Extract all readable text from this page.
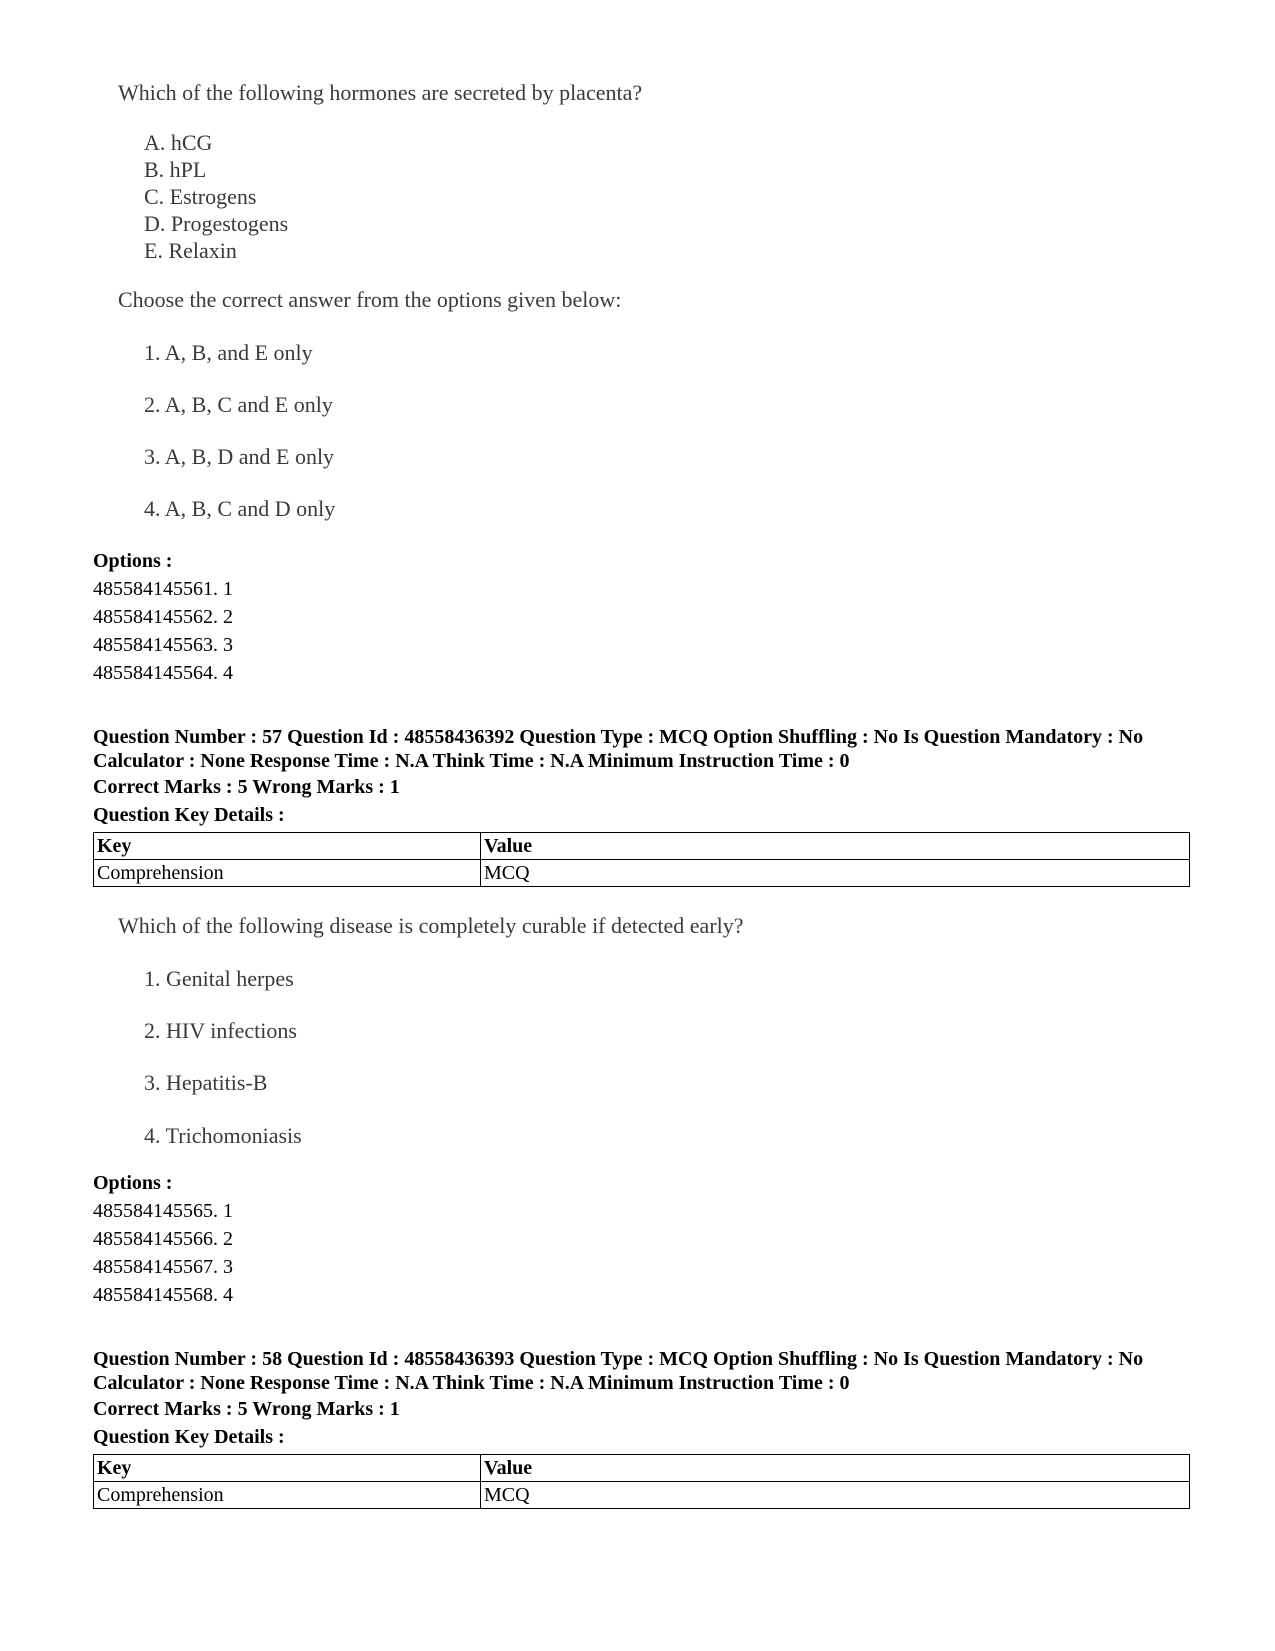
Which of the following hormones are secreted by placenta?
A. hCG
B. hPL
C. Estrogens
D. Progestogens
E. Relaxin
Choose the correct answer from the options given below:
1. A, B, and E only
2. A, B, C and E only
3. A, B, D and E only
4. A, B, C and D only
Options :
485584145561. 1
485584145562. 2
485584145563. 3
485584145564. 4
Question Number : 57 Question Id : 48558436392 Question Type : MCQ Option Shuffling : No Is Question Mandatory : No Calculator : None Response Time : N.A Think Time : N.A Minimum Instruction Time : 0
Correct Marks : 5 Wrong Marks : 1
Question Key Details :
Key	Value
Comprehension	MCQ
Which of the following disease is completely curable if detected early?
1. Genital herpes
2. HIV infections
3. Hepatitis-B
4. Trichomoniasis
Options :
485584145565. 1
485584145566. 2
485584145567. 3
485584145568. 4
Question Number : 58 Question Id : 48558436393 Question Type : MCQ Option Shuffling : No Is Question Mandatory : No Calculator : None Response Time : N.A Think Time : N.A Minimum Instruction Time : 0
Correct Marks : 5 Wrong Marks : 1
Question Key Details :
Key	Value
Comprehension	MCQ
